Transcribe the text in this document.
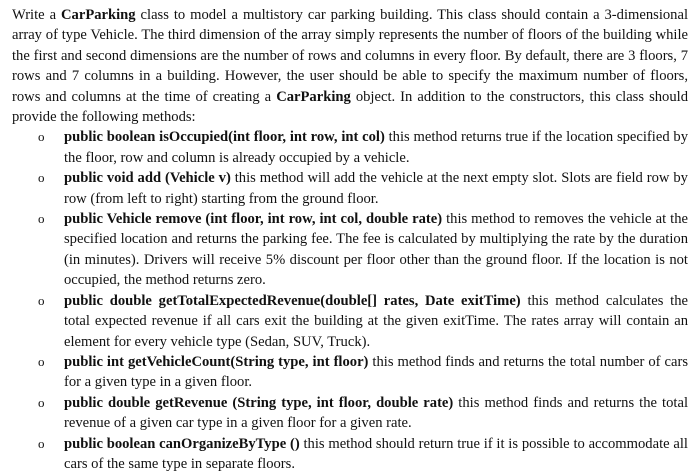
Write a CarParking class to model a multistory car parking building. This class should contain a 3-dimensional array of type Vehicle. The third dimension of the array simply represents the number of floors of the building while the first and second dimensions are the number of rows and columns in every floor. By default, there are 3 floors, 7 rows and 7 columns in a building. However, the user should be able to specify the maximum number of floors, rows and columns at the time of creating a CarParking object. In addition to the constructors, this class should provide the following methods:

o public boolean isOccupied(int floor, int row, int col) this method returns true if the location specified by the floor, row and column is already occupied by a vehicle.
o public void add (Vehicle v) this method will add the vehicle at the next empty slot. Slots are field row by row (from left to right) starting from the ground floor.
o public Vehicle remove (int floor, int row, int col, double rate) this method to removes the vehicle at the specified location and returns the parking fee. The fee is calculated by multiplying the rate by the duration (in minutes). Drivers will receive 5% discount per floor other than the ground floor. If the location is not occupied, the method returns zero.
o public double getTotalExpectedRevenue(double[] rates, Date exitTime) this method calculates the total expected revenue if all cars exit the building at the given exitTime. The rates array will contain an element for every vehicle type (Sedan, SUV, Truck).
o public int getVehicleCount(String type, int floor) this method finds and returns the total number of cars for a given type in a given floor.
o public double getRevenue (String type, int floor, double rate) this method finds and returns the total revenue of a given car type in a given floor for a given rate.
o public boolean canOrganizeByType () this method should return true if it is possible to accommodate all cars of the same type in separate floors.
